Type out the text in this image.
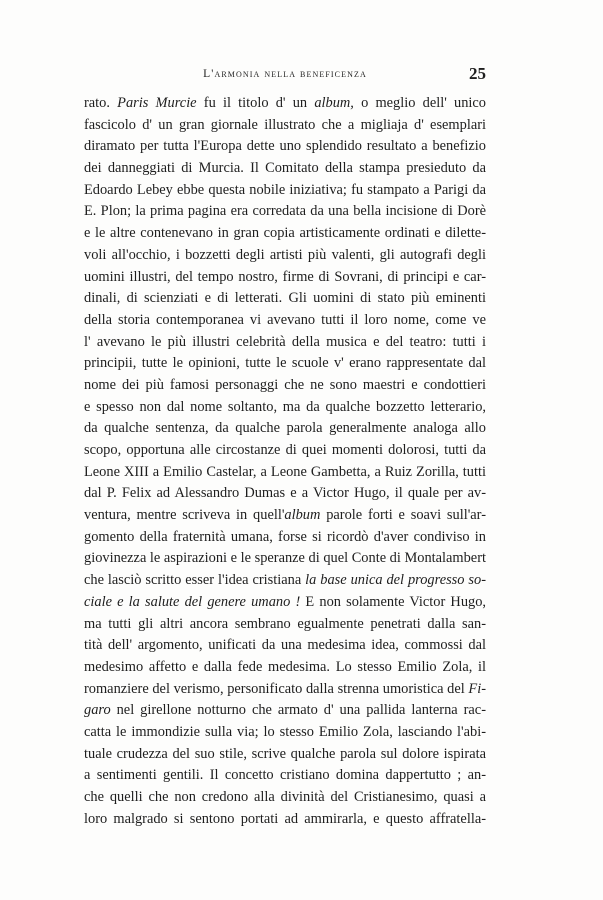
L'armonia nella beneficenza	25
rato. Paris Murcie fu il titolo d' un album, o meglio dell' unico
fascicolo d' un gran giornale illustrato che a migliaja d' esemplari
diramato per tutta l'Europa dette uno splendido resultato a benefizio
dei danneggiati di Murcia. Il Comitato della stampa presieduto da
Edoardo Lebey ebbe questa nobile iniziativa; fu stampato a Parigi da
E. Plon; la prima pagina era corredata da una bella incisione di Dorè
e le altre contenevano in gran copia artisticamente ordinati e dilette-
voli all'occhio, i bozzetti degli artisti più valenti, gli autografi degli
uomini illustri, del tempo nostro, firme di Sovrani, di principi e car-
dinali, di scienziati e di letterati. Gli uomini di stato più eminenti
della storia contemporanea vi avevano tutti il loro nome, come ve
l' avevano le più illustri celebrità della musica e del teatro: tutti i
principii, tutte le opinioni, tutte le scuole v' erano rappresentate dal
nome dei più famosi personaggi che ne sono maestri e condottieri
e spesso non dal nome soltanto, ma da qualche bozzetto letterario,
da qualche sentenza, da qualche parola generalmente analoga allo
scopo, opportuna alle circostanze di quei momenti dolorosi, tutti da
Leone XIII a Emilio Castelar, a Leone Gambetta, a Ruiz Zorilla, tutti
dal P. Felix ad Alessandro Dumas e a Victor Hugo, il quale per av-
ventura, mentre scriveva in quell'album parole forti e soavi sull'ar-
gomento della fraternità umana, forse si ricordò d'aver condiviso in
giovinezza le aspirazioni e le speranze di quel Conte di Montalambert
che lasciò scritto esser l'idea cristiana la base unica del progresso so-
ciale e la salute del genere umano ! E non solamente Victor Hugo,
ma tutti gli altri ancora sembrano egualmente penetrati dalla san-
tità dell' argomento, unificati da una medesima idea, commossi dal
medesimo affetto e dalla fede medesima. Lo stesso Emilio Zola, il
romanziere del verismo, personificato dalla strenna umoristica del Fi-
garo nel girellone notturno che armato d' una pallida lanterna rac-
catta le immondizie sulla via; lo stesso Emilio Zola, lasciando l'abi-
tuale crudezza del suo stile, scrive qualche parola sul dolore ispirata
a sentimenti gentili. Il concetto cristiano domina dappertutto ; an-
che quelli che non credono alla divinità del Cristianesimo, quasi a
loro malgrado si sentono portati ad ammirarla, e questo affratella-
